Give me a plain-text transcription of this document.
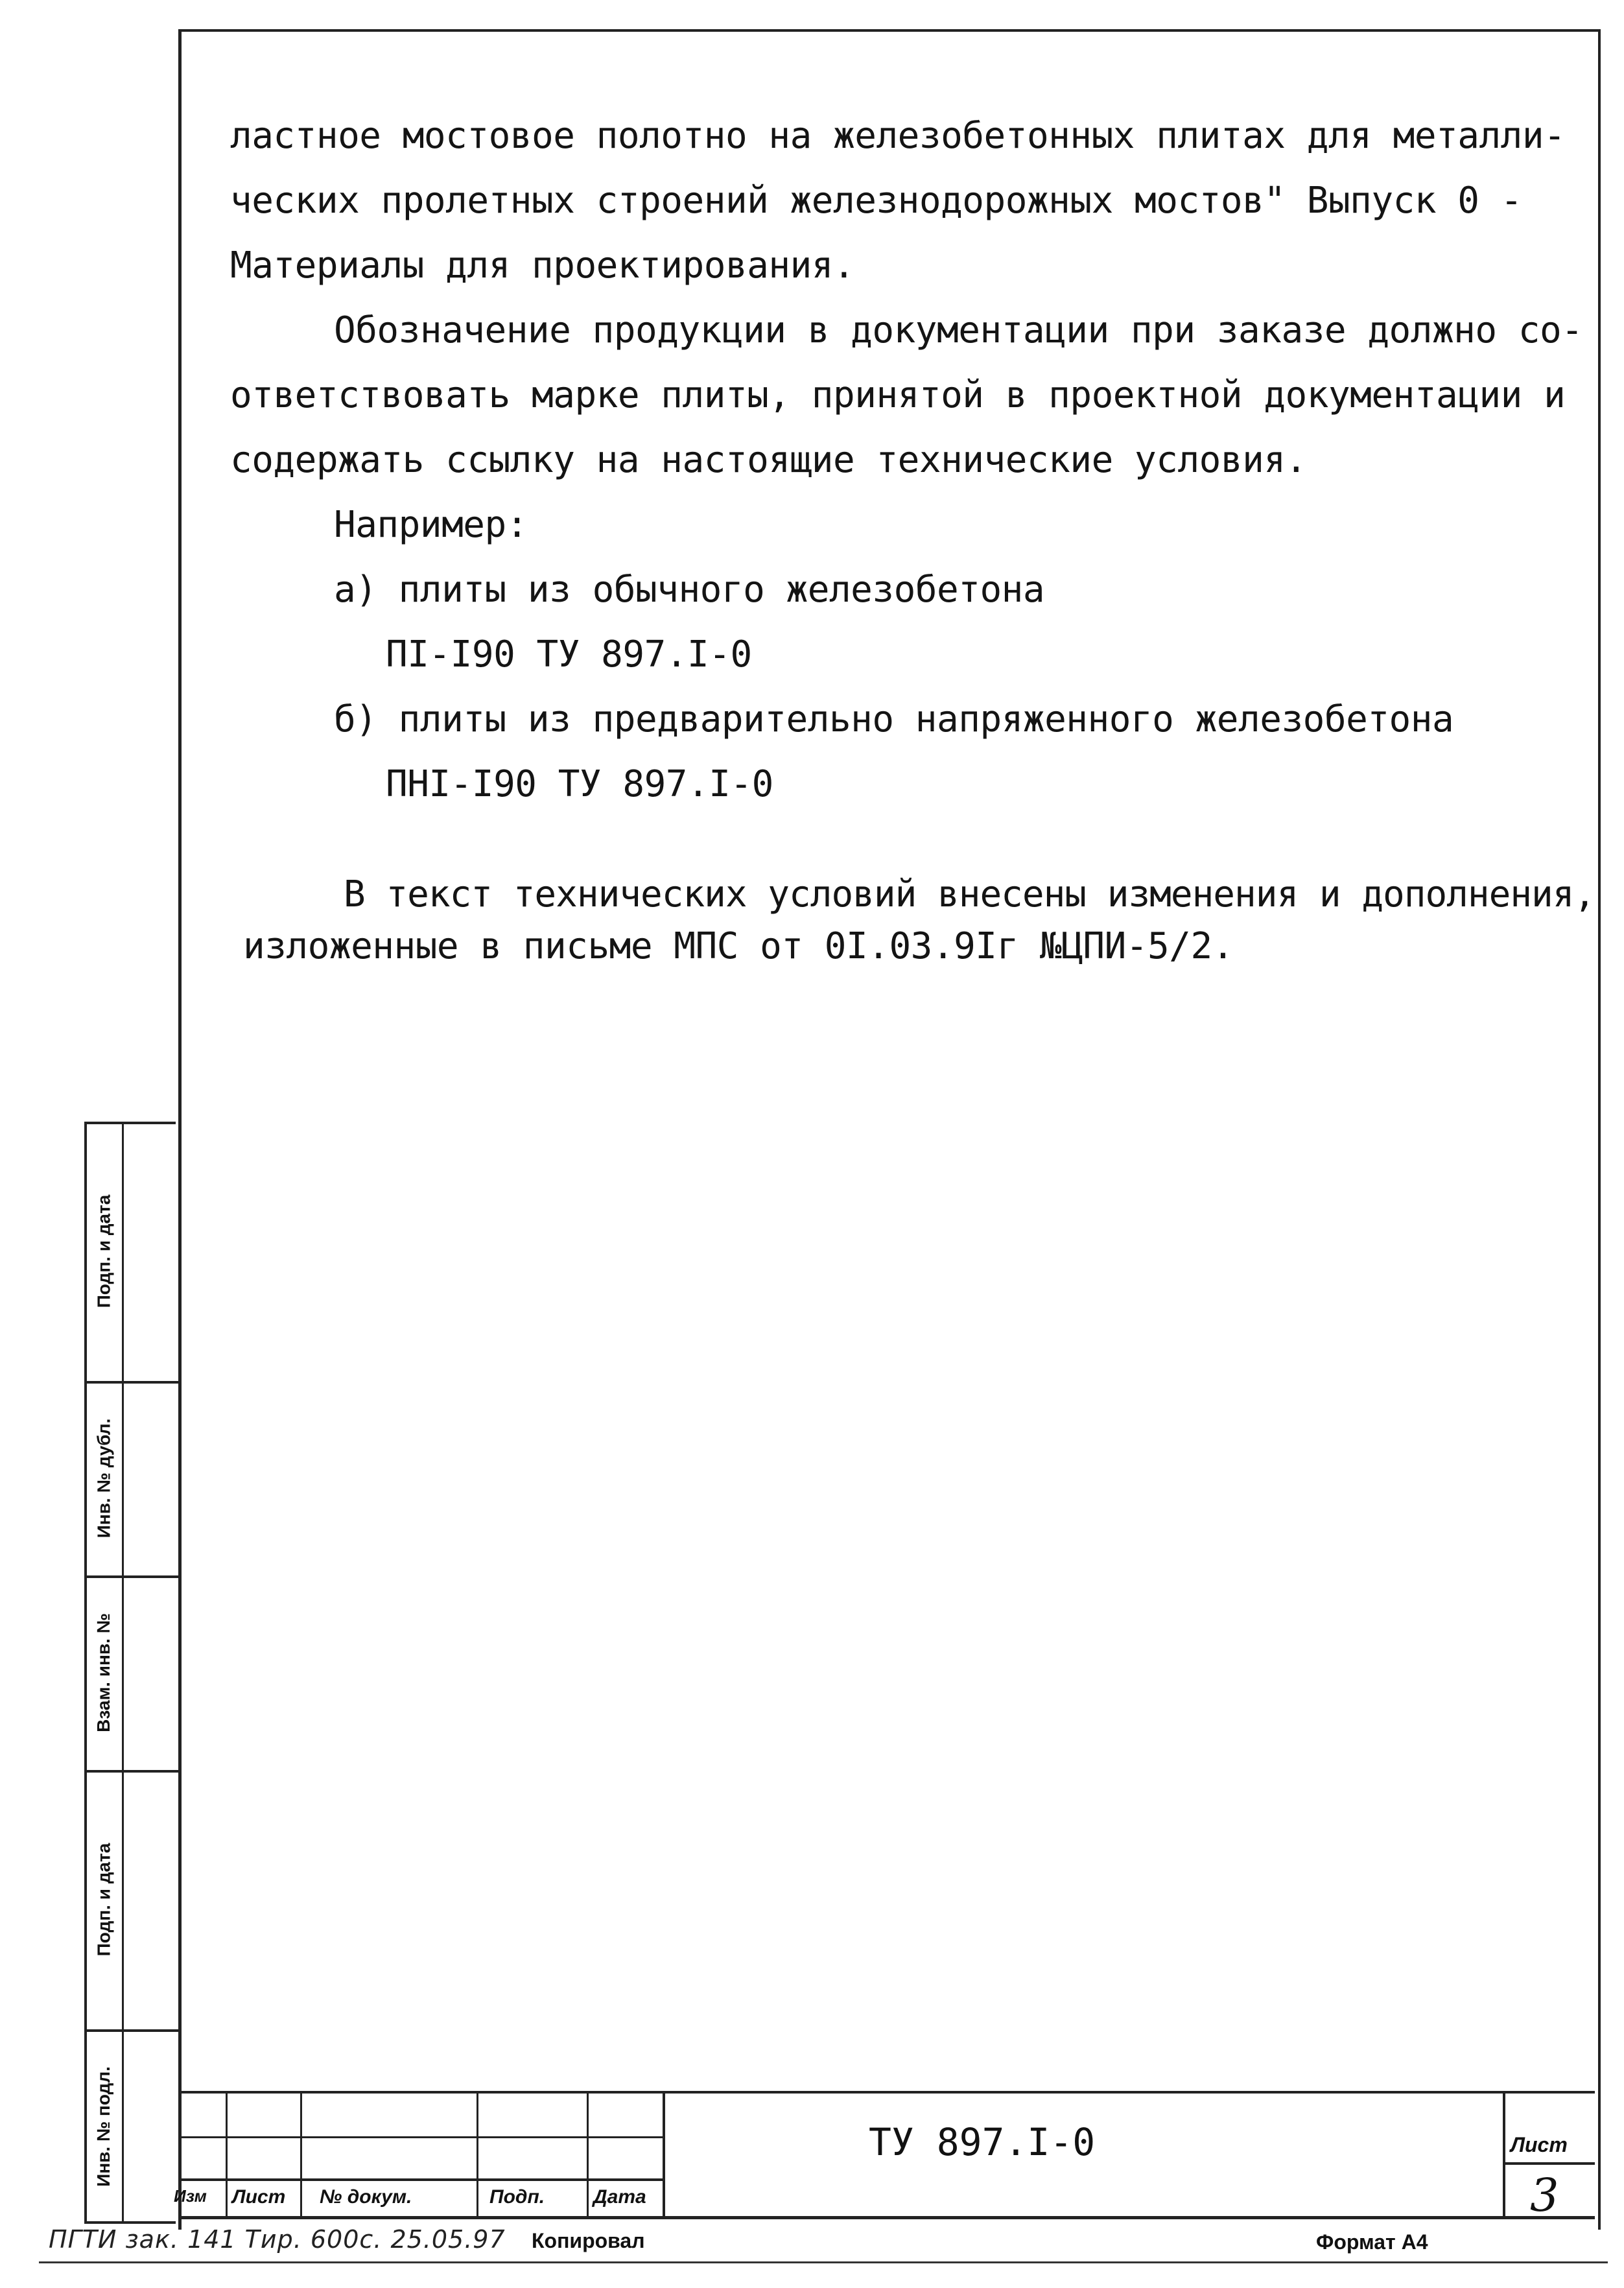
ластное мостовое полотно на железобетонных плитах для металли-
ческих пролетных строений железнодорожных мостов" Выпуск 0 -
Материалы для проектирования.
Обозначение продукции в документации при заказе должно со-
ответствовать марке плиты, принятой в проектной документации и
содержать ссылку на настоящие технические условия.
Например:
а) плиты из обычного железобетона
ПI-I90 ТУ 897.I-0
б) плиты из предварительно напряженного железобетона
ПНI-I90 ТУ 897.I-0
В текст технических условий внесены изменения и дополнения,
изложенные в письме МПС от 0I.03.9Iг №ЦПИ-5/2.
Подп. и дата
Инв. № дубл.
Взам. инв. №
Подп. и дата
Инв. № подл.
Изм Лист № докум.	Подп. Дата
ТУ 897.I-0	Лист
3
ПГТИ зак. 141 Тир. 600с. 25.05.97 Копировал	Формат А4
